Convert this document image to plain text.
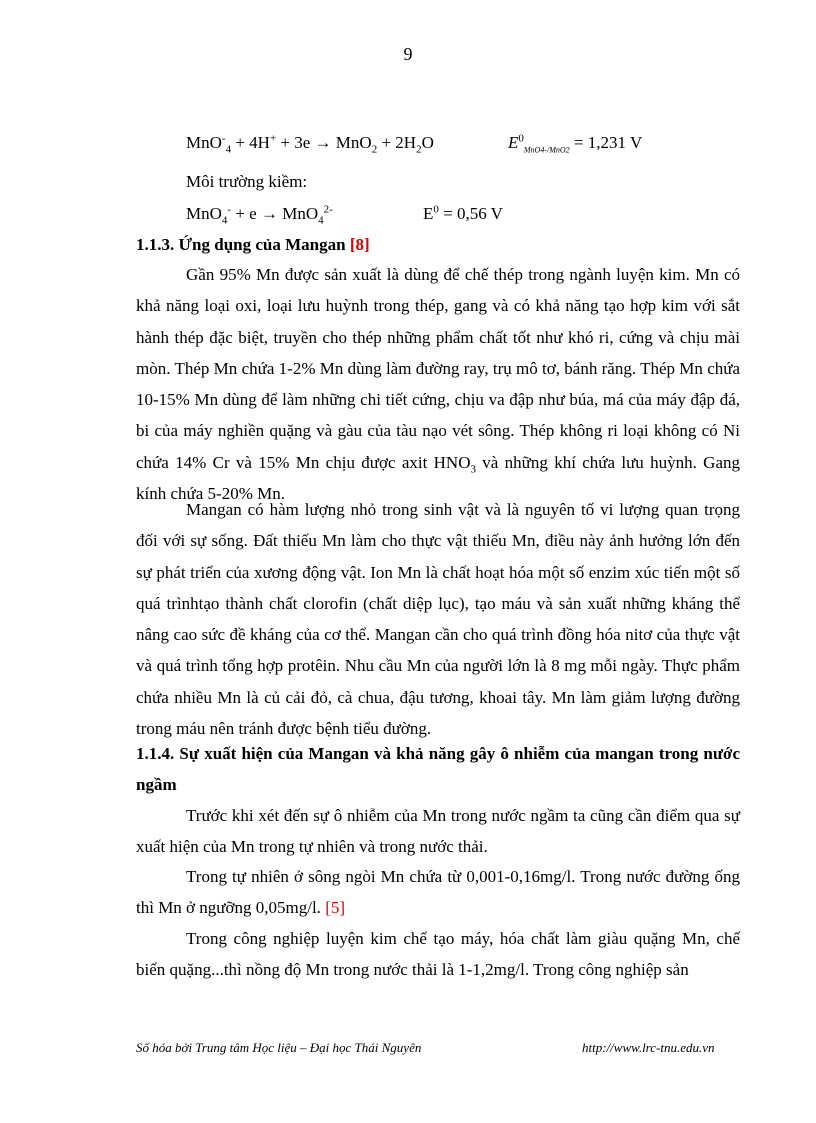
9
$MnO^-_4 + 4H^+ + 3e \to MnO_2 + 2H_2O$	$E^0_{MnO4-/MnO2} = 1,231$ V
Môi trường kiềm:
MnO$_4$- + e → MnO$_4^{2-}$	$E^0 = 0,56$ V
1.1.3. Ứng dụng của Mangan [8]

Gần 95% Mn được sản xuất là dùng để chế thép trong ngành luyện kim. Mn có khả năng loại oxi, loại lưu huỳnh trong thép, gang và có khả năng tạo hợp kim với sắt hành thép đặc biệt, truyền cho thép những phẩm chất tốt như khó ri, cứng và chịu mài mòn. Thép Mn chứa 1-2% Mn dùng làm đường ray, trụ mô tơ, bánh răng. Thép Mn chứa 10-15% Mn dùng để làm những chi tiết cứng, chịu va đập như búa, má của máy đập đá, bi của máy nghiền quặng và gàu của tàu nạo vét sông. Thép không ri loại không có Ni chứa 14% Cr và 15% Mn chịu được axit $HNO_3$ và những khí chứa lưu huỳnh. Gang kính chứa 5-20% Mn.

Mangan có hàm lượng nhỏ trong sinh vật và là nguyên tố vi lượng quan trọng đối với sự sống. Đất thiếu Mn làm cho thực vật thiếu Mn, điều này ảnh hưởng lớn đến sự phát triển của xương động vật. Ion Mn là chất hoạt hóa một số enzim xúc tiến một số quá trìnhtạo thành chất clorofin (chất diệp lục), tạo máu và sản xuất những kháng thể nâng cao sức đề kháng của cơ thể. Mangan cần cho quá trình đồng hóa nitơ của thực vật và quá trình tổng hợp protêin. Nhu cầu Mn của người lớn là 8 mg mỗi ngày. Thực phẩm chứa nhiều Mn là củ cải đỏ, cà chua, đậu tương, khoai tây. Mn làm giảm lượng đường trong máu nên tránh được bệnh tiểu đường.

1.1.4. Sự xuất hiện của Mangan và khả năng gây ô nhiễm của mangan trong nước ngầm

Trước khi xét đến sự ô nhiễm của Mn trong nước ngầm ta cũng cần điểm qua sự xuất hiện của Mn trong tự nhiên và trong nước thải.

Trong tự nhiên ở sông ngòi Mn chứa từ 0,001-0,16mg/l. Trong nước đường ống thì Mn ở ngưỡng 0,05mg/l. [5]

Trong công nghiệp luyện kim chế tạo máy, hóa chất làm giàu quặng Mn, chế biến quặng...thì nồng độ Mn trong nước thải là 1-1,2mg/l. Trong công nghiệp sản

Số hóa bởi Trung tâm Học liệu – Đại học Thái Nguyên	http://www.lrc-tnu.edu.vn
